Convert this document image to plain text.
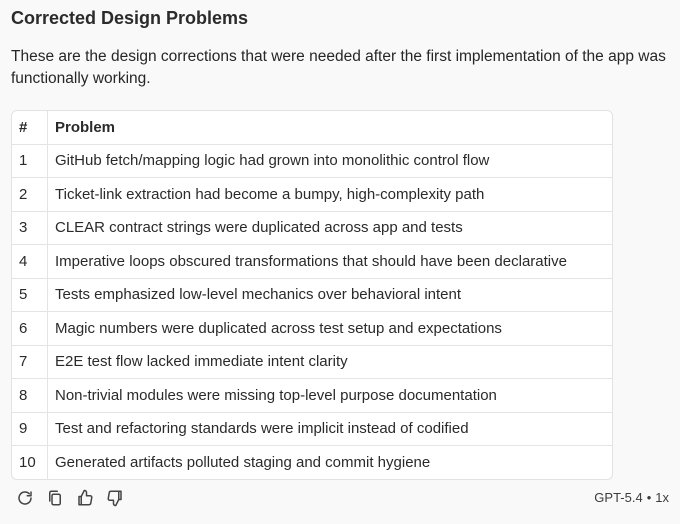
Corrected Design Problems

These are the design corrections that were needed after the first implementation of the app was functionally working.

#	Problem
1	GitHub fetch/mapping logic had grown into monolithic control flow
2	Ticket-link extraction had become a bumpy, high-complexity path
3	CLEAR contract strings were duplicated across app and tests
4	Imperative loops obscured transformations that should have been declarative
5	Tests emphasized low-level mechanics over behavioral intent
6	Magic numbers were duplicated across test setup and expectations
7	E2E test flow lacked immediate intent clarity
8	Non-trivial modules were missing top-level purpose documentation
9	Test and refactoring standards were implicit instead of codified
10	Generated artifacts polluted staging and commit hygiene
GPT-5.4 • 1x
